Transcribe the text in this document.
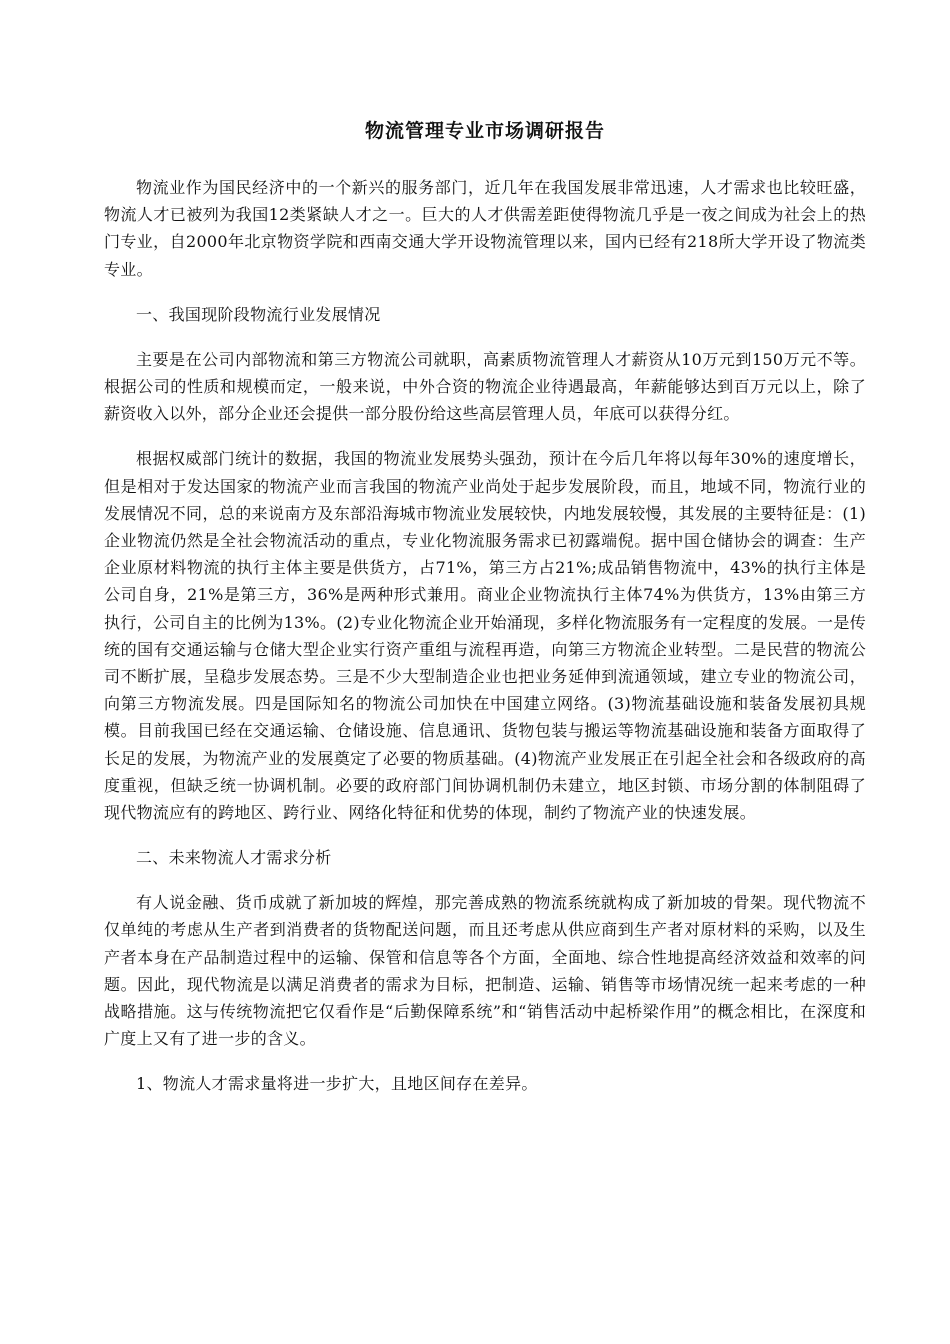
物流管理专业市场调研报告

物流业作为国民经济中的一个新兴的服务部门，近几年在我国发展非常迅速，人才需求也比较旺盛，物流人才已被列为我国12类紧缺人才之一。巨大的人才供需差距使得物流几乎是一夜之间成为社会上的热门专业，自2000年北京物资学院和西南交通大学开设物流管理以来，国内已经有218所大学开设了物流类专业。

一、我国现阶段物流行业发展情况

主要是在公司内部物流和第三方物流公司就职，高素质物流管理人才薪资从10万元到150万元不等。根据公司的性质和规模而定，一般来说，中外合资的物流企业待遇最高，年薪能够达到百万元以上，除了薪资收入以外，部分企业还会提供一部分股份给这些高层管理人员，年底可以获得分红。

根据权威部门统计的数据，我国的物流业发展势头强劲，预计在今后几年将以每年30%的速度增长，但是相对于发达国家的物流产业而言我国的物流产业尚处于起步发展阶段，而且，地域不同，物流行业的发展情况不同，总的来说南方及东部沿海城市物流业发展较快，内地发展较慢，其发展的主要特征是：(1)企业物流仍然是全社会物流活动的重点，专业化物流服务需求已初露端倪。据中国仓储协会的调查：生产企业原材料物流的执行主体主要是供货方，占71%，第三方占21%;成品销售物流中，43%的执行主体是公司自身，21%是第三方，36%是两种形式兼用。商业企业物流执行主体74%为供货方，13%由第三方执行，公司自主的比例为13%。(2)专业化物流企业开始涌现，多样化物流服务有一定程度的发展。一是传统的国有交通运输与仓储大型企业实行资产重组与流程再造，向第三方物流企业转型。二是民营的物流公司不断扩展，呈稳步发展态势。三是不少大型制造企业也把业务延伸到流通领域，建立专业的物流公司，向第三方物流发展。四是国际知名的物流公司加快在中国建立网络。(3)物流基础设施和装备发展初具规模。目前我国已经在交通运输、仓储设施、信息通讯、货物包装与搬运等物流基础设施和装备方面取得了长足的发展，为物流产业的发展奠定了必要的物质基础。(4)物流产业发展正在引起全社会和各级政府的高度重视，但缺乏统一协调机制。必要的政府部门间协调机制仍未建立，地区封锁、市场分割的体制阻碍了现代物流应有的跨地区、跨行业、网络化特征和优势的体现，制约了物流产业的快速发展。

二、未来物流人才需求分析

有人说金融、货币成就了新加坡的辉煌，那完善成熟的物流系统就构成了新加坡的骨架。现代物流不仅单纯的考虑从生产者到消费者的货物配送问题，而且还考虑从供应商到生产者对原材料的采购，以及生产者本身在产品制造过程中的运输、保管和信息等各个方面，全面地、综合性地提高经济效益和效率的问题。因此，现代物流是以满足消费者的需求为目标，把制造、运输、销售等市场情况统一起来考虑的一种战略措施。这与传统物流把它仅看作是“后勤保障系统”和“销售活动中起桥梁作用”的概念相比，在深度和广度上又有了进一步的含义。

1、物流人才需求量将进一步扩大，且地区间存在差异。
